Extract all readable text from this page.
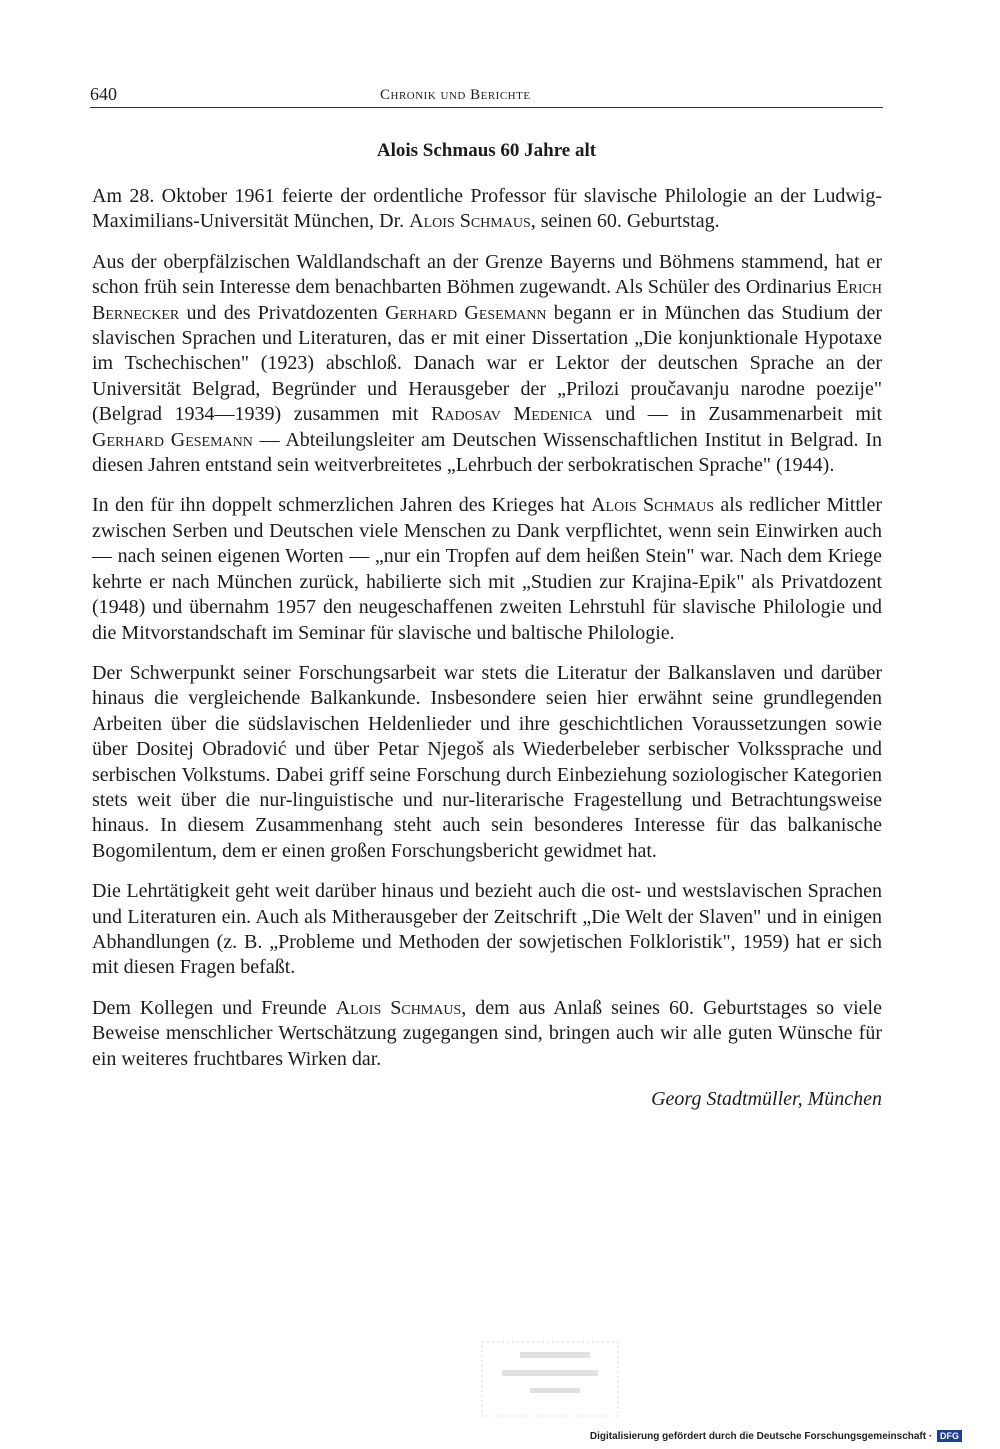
640	Chronik und Berichte
Alois Schmaus 60 Jahre alt

Am 28. Oktober 1961 feierte der ordentliche Professor für slavische Philologie an der Ludwig-Maximilians-Universität München, Dr. Alois Schmaus, seinen 60. Geburtstag.

Aus der oberpfälzischen Waldlandschaft an der Grenze Bayerns und Böhmens stammend, hat er schon früh sein Interesse dem benachbarten Böhmen zugewandt. Als Schüler des Ordinarius Erich Bernecker und des Privatdozenten Gerhard Gesemann begann er in München das Studium der slavischen Sprachen und Literaturen, das er mit einer Dissertation „Die konjunktionale Hypotaxe im Tschechischen" (1923) abschloß. Danach war er Lektor der deutschen Sprache an der Universität Belgrad, Begründer und Herausgeber der „Prilozi proučavanju narodne poezije" (Belgrad 1934—1939) zusammen mit Radosav Medenica und — in Zusammenarbeit mit Gerhard Gesemann — Abteilungsleiter am Deutschen Wissenschaftlichen Institut in Belgrad. In diesen Jahren entstand sein weitverbreitetes „Lehrbuch der serbokratischen Sprache" (1944).

In den für ihn doppelt schmerzlichen Jahren des Krieges hat Alois Schmaus als redlicher Mittler zwischen Serben und Deutschen viele Menschen zu Dank verpflichtet, wenn sein Einwirken auch — nach seinen eigenen Worten — „nur ein Tropfen auf dem heißen Stein" war. Nach dem Kriege kehrte er nach München zurück, habilierte sich mit „Studien zur Krajina-Epik" als Privatdozent (1948) und übernahm 1957 den neugeschaffenen zweiten Lehrstuhl für slavische Philologie und die Mitvorstandschaft im Seminar für slavische und baltische Philologie.

Der Schwerpunkt seiner Forschungsarbeit war stets die Literatur der Balkanslaven und darüber hinaus die vergleichende Balkankunde. Insbesondere seien hier erwähnt seine grundlegenden Arbeiten über die südslavischen Heldenlieder und ihre geschichtlichen Voraussetzungen sowie über Dositej Obradović und über Petar Njegoš als Wiederbeleber serbischer Volkssprache und serbischen Volkstums. Dabei griff seine Forschung durch Einbeziehung soziologischer Kategorien stets weit über die nur-linguistische und nur-literarische Fragestellung und Betrachtungsweise hinaus. In diesem Zusammenhang steht auch sein besonderes Interesse für das balkanische Bogomilentum, dem er einen großen Forschungsbericht gewidmet hat.

Die Lehrtätigkeit geht weit darüber hinaus und bezieht auch die ost- und westslavischen Sprachen und Literaturen ein. Auch als Mitherausgeber der Zeitschrift „Die Welt der Slaven" und in einigen Abhandlungen (z. B. „Probleme und Methoden der sowjetischen Folkloristik", 1959) hat er sich mit diesen Fragen befaßt.

Dem Kollegen und Freunde Alois Schmaus, dem aus Anlaß seines 60. Geburtstages so viele Beweise menschlicher Wertschätzung zugegangen sind, bringen auch wir alle guten Wünsche für ein weiteres fruchtbares Wirken dar.

Georg Stadtmüller, München

Digitalisierung gefördert durch die Deutsche Forschungsgemeinschaft · DFG
